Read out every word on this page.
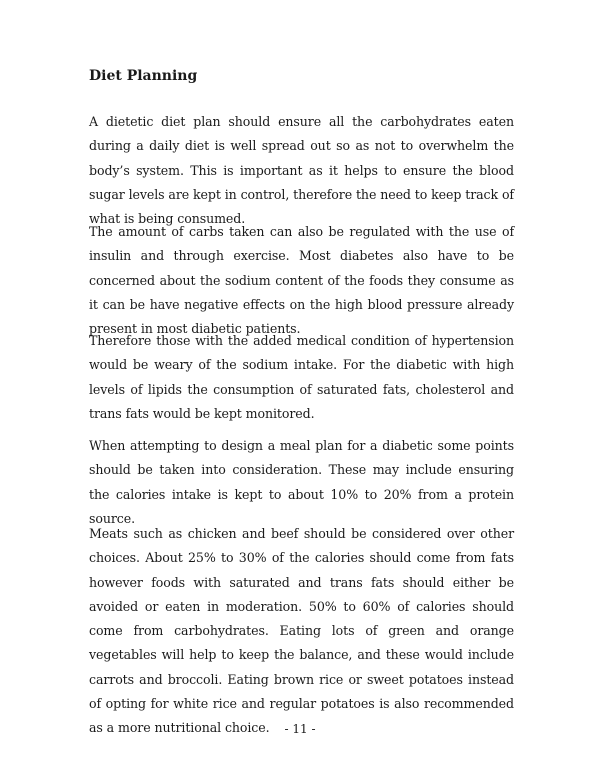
Diet Planning

A dietetic diet plan should ensure all the carbohydrates eaten during a daily diet is well spread out so as not to overwhelm the body’s system. This is important as it helps to ensure the blood sugar levels are kept in control, therefore the need to keep track of what is being consumed.

The amount of carbs taken can also be regulated with the use of insulin and through exercise. Most diabetes also have to be concerned about the sodium content of the foods they consume as it can be have negative effects on the high blood pressure already present in most diabetic patients.

Therefore those with the added medical condition of hypertension would be weary of the sodium intake. For the diabetic with high levels of lipids the consumption of saturated fats, cholesterol and trans fats would be kept monitored.

When attempting to design a meal plan for a diabetic some points should be taken into consideration. These may include ensuring the calories intake is kept to about 10% to 20% from a protein source.

Meats such as chicken and beef should be considered over other choices. About 25% to 30% of the calories should come from fats however foods with saturated and trans fats should either be avoided or eaten in moderation. 50% to 60% of calories should come from carbohydrates. Eating lots of green and orange vegetables will help to keep the balance, and these would include carrots and broccoli. Eating brown rice or sweet potatoes instead of opting for white rice and regular potatoes is also recommended as a more nutritional choice.	- 11 -
